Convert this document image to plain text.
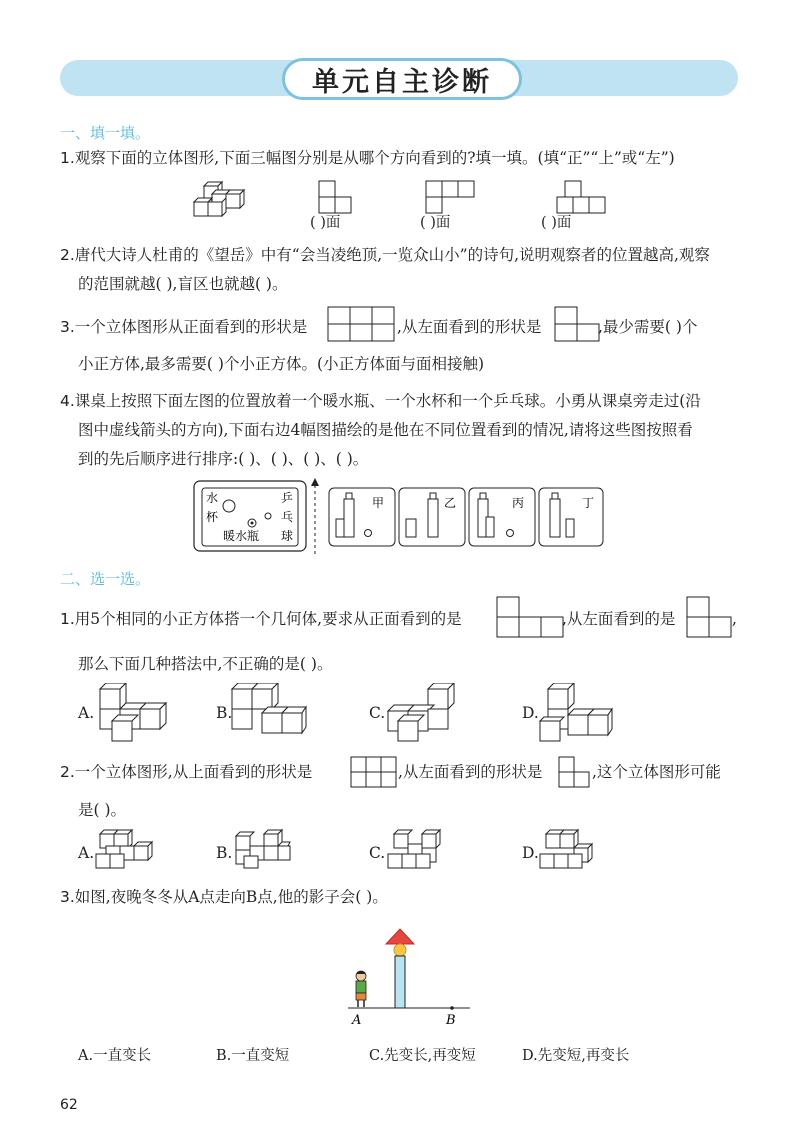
单元自主诊断
一、填一填。
1.观察下面的立体图形,下面三幅图分别是从哪个方向看到的?填一填。(填“正”“上”或“左”)
( )面	( )面	( )面
2.唐代大诗人杜甫的《望岳》中有“会当凌绝顶,一览众山小”的诗句,说明观察者的位置越高,观察
的范围就越( ),盲区也就越( )。
3.一个立体图形从正面看到的形状是	,从左面看到的形状是	,最少需要( )个
小正方体,最多需要( )个小正方体。(小正方体面与面相接触)
4.课桌上按照下面左图的位置放着一个暖水瓶、一个水杯和一个乒乓球。小勇从课桌旁走过(沿
图中虚线箭头的方向),下面右边4幅图描绘的是他在不同位置看到的情况,请将这些图按照看
到的先后顺序进行排序:( )、( )、( )、( )。
水
杯
乒
乓
球
暖水瓶
甲	乙	丙	丁
二、选一选。
1.用5个相同的小正方体搭一个几何体,要求从正面看到的是	,从左面看到的是	,
那么下面几种搭法中,不正确的是( )。
A.	B.	C.	D.
2.一个立体图形,从上面看到的形状是	,从左面看到的形状是	,这个立体图形可能
是( )。
A.	B.	C.	D.
3.如图,夜晚冬冬从A点走向B点,他的影子会( )。
A	B
A.一直变长	B.一直变短	C.先变长,再变短	D.先变短,再变长
62
